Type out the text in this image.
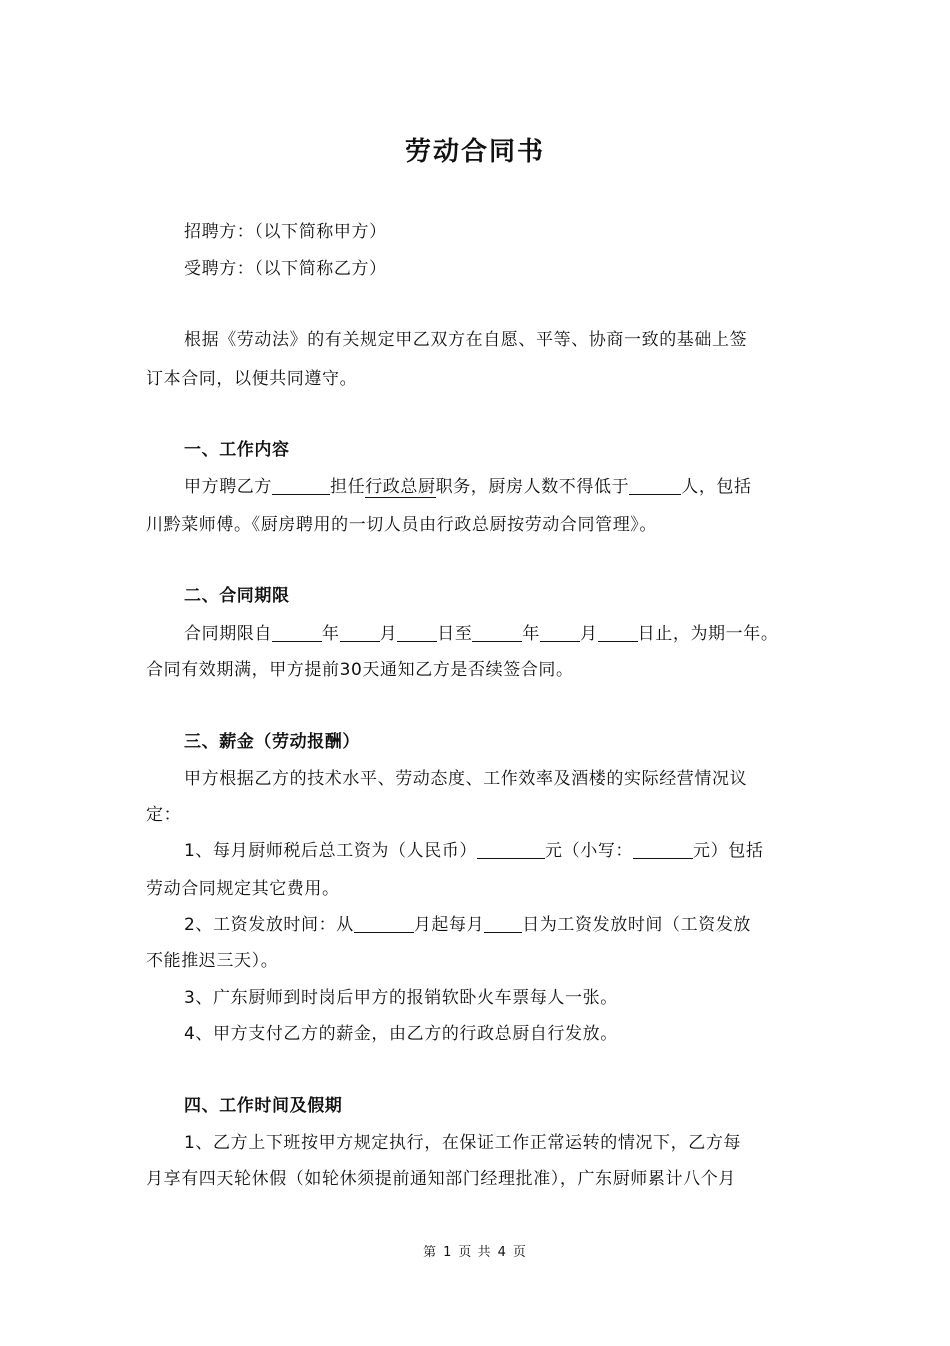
劳动合同书
招聘方：（以下简称甲方）
受聘方：（以下简称乙方）
根据《劳动法》的有关规定甲乙双方在自愿、平等、协商一致的基础上签
订本合同，以便共同遵守。
一、工作内容
甲方聘乙方	担任行政总厨职务，厨房人数不得低于	人，包括
川黔菜师傅。《厨房聘用的一切人员由行政总厨按劳动合同管理》。
二、合同期限
合同期限自	年 月 日至	年 月 日止，为期一年。
合同有效期满，甲方提前30天通知乙方是否续签合同。
三、薪金（劳动报酬）
甲方根据乙方的技术水平、劳动态度、工作效率及酒楼的实际经营情况议
定：
1、每月厨师税后总工资为（人民币）	元（小写：	元）包括
劳动合同规定其它费用。
2、工资发放时间：从	月起每月 日为工资发放时间（工资发放
不能推迟三天）。
3、广东厨师到时岗后甲方的报销软卧火车票每人一张。
4、甲方支付乙方的薪金，由乙方的行政总厨自行发放。
四、工作时间及假期
1、乙方上下班按甲方规定执行，在保证工作正常运转的情况下，乙方每
月享有四天轮休假（如轮休须提前通知部门经理批准），广东厨师累计八个月
第 1 页 共 4 页
